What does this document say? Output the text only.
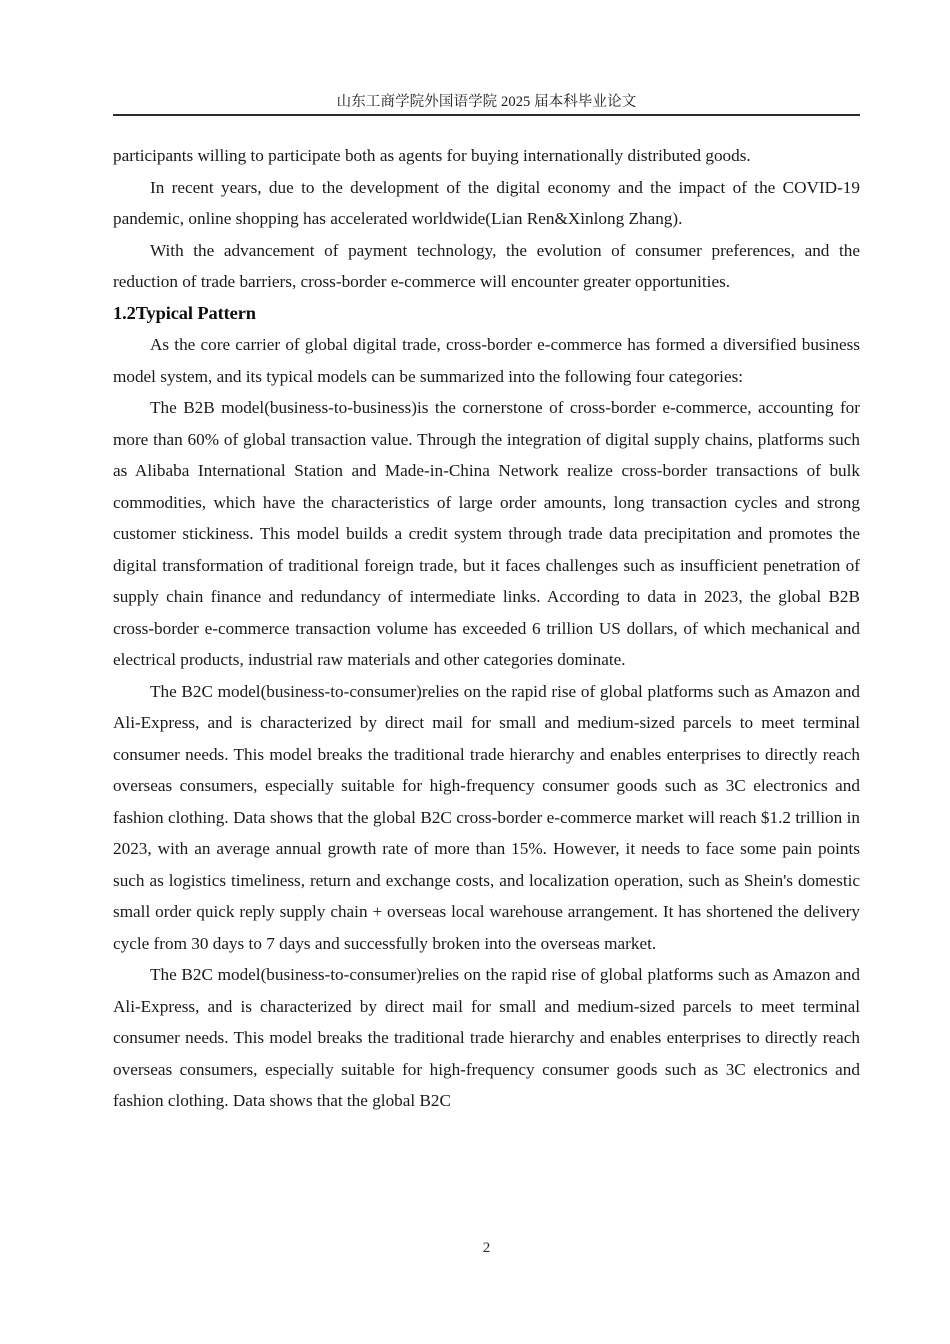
山东工商学院外国语学院 2025 届本科毕业论文

participants willing to participate both as agents for buying internationally distributed goods.

In recent years, due to the development of the digital economy and the impact of the COVID-19 pandemic, online shopping has accelerated worldwide(Lian Ren&Xinlong Zhang).

With the advancement of payment technology, the evolution of consumer preferences, and the reduction of trade barriers, cross-border e-commerce will encounter greater opportunities.

1.2Typical Pattern

As the core carrier of global digital trade, cross-border e-commerce has formed a diversified business model system, and its typical models can be summarized into the following four categories:

The B2B model(business-to-business)is the cornerstone of cross-border e-commerce, accounting for more than 60% of global transaction value. Through the integration of digital supply chains, platforms such as Alibaba International Station and Made-in-China Network realize cross-border transactions of bulk commodities, which have the characteristics of large order amounts, long transaction cycles and strong customer stickiness. This model builds a credit system through trade data precipitation and promotes the digital transformation of traditional foreign trade, but it faces challenges such as insufficient penetration of supply chain finance and redundancy of intermediate links. According to data in 2023, the global B2B cross-border e-commerce transaction volume has exceeded 6 trillion US dollars, of which mechanical and electrical products, industrial raw materials and other categories dominate.

The B2C model(business-to-consumer)relies on the rapid rise of global platforms such as Amazon and Ali-Express, and is characterized by direct mail for small and medium-sized parcels to meet terminal consumer needs. This model breaks the traditional trade hierarchy and enables enterprises to directly reach overseas consumers, especially suitable for high-frequency consumer goods such as 3C electronics and fashion clothing. Data shows that the global B2C cross-border e-commerce market will reach $1.2 trillion in 2023, with an average annual growth rate of more than 15%. However, it needs to face some pain points such as logistics timeliness, return and exchange costs, and localization operation, such as Shein's domestic small order quick reply supply chain + overseas local warehouse arrangement. It has shortened the delivery cycle from 30 days to 7 days and successfully broken into the overseas market.

The B2C model(business-to-consumer)relies on the rapid rise of global platforms such as Amazon and Ali-Express, and is characterized by direct mail for small and medium-sized parcels to meet terminal consumer needs. This model breaks the traditional trade hierarchy and enables enterprises to directly reach overseas consumers, especially suitable for high-frequency consumer goods such as 3C electronics and fashion clothing. Data shows that the global B2C

2
